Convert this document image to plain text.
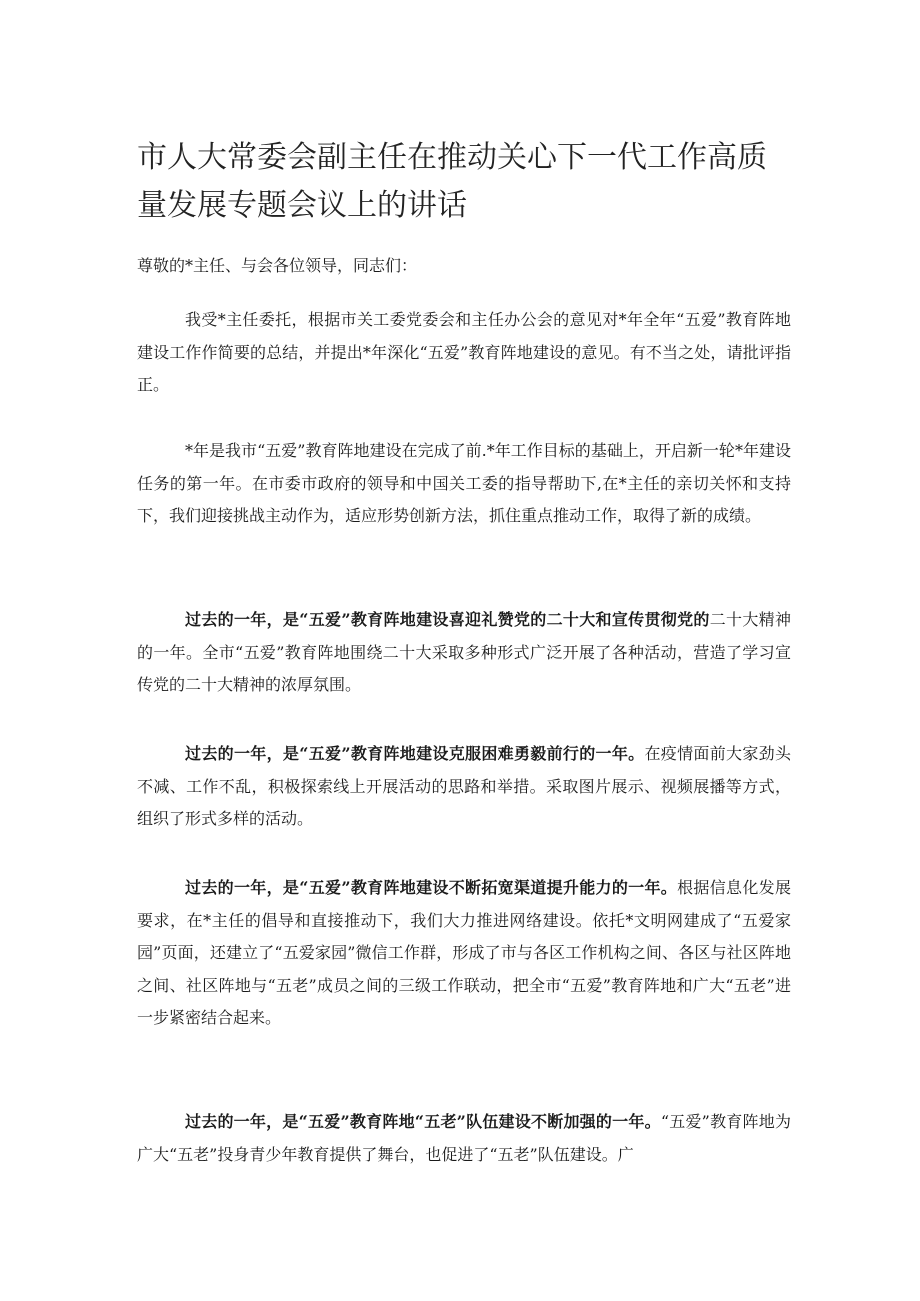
市人大常委会副主任在推动关心下一代工作高质量发展专题会议上的讲话

尊敬的*主任、与会各位领导，同志们：

我受*主任委托，根据市关工委党委会和主任办公会的意见对*年全年“五爱”教育阵地建设工作作简要的总结，并提出*年深化“五爱”教育阵地建设的意见。有不当之处，请批评指正。

*年是我市“五爱”教育阵地建设在完成了前.*年工作目标的基础上，开启新一轮*年建设任务的第一年。在市委市政府的领导和中国关工委的指导帮助下,在*主任的亲切关怀和支持下，我们迎接挑战主动作为，适应形势创新方法，抓住重点推动工作，取得了新的成绩。

过去的一年，是“五爱”教育阵地建设喜迎礼赞党的二十大和宣传贯彻党的二十大精神的一年。全市“五爱”教育阵地围绕二十大采取多种形式广泛开展了各种活动，营造了学习宣传党的二十大精神的浓厚氛围。

过去的一年，是“五爱”教育阵地建设克服困难勇毅前行的一年。在疫情面前大家劲头不减、工作不乱，积极探索线上开展活动的思路和举措。采取图片展示、视频展播等方式，组织了形式多样的活动。

过去的一年，是“五爱”教育阵地建设不断拓宽渠道提升能力的一年。根据信息化发展要求，在*主任的倡导和直接推动下，我们大力推进网络建设。依托*文明网建成了“五爱家园”页面，还建立了“五爱家园”微信工作群，形成了市与各区工作机构之间、各区与社区阵地之间、社区阵地与“五老”成员之间的三级工作联动，把全市“五爱”教育阵地和广大“五老”进一步紧密结合起来。

过去的一年，是“五爱”教育阵地“五老”队伍建设不断加强的一年。“五爱”教育阵地为广大“五老”投身青少年教育提供了舞台，也促进了“五老”队伍建设。广
